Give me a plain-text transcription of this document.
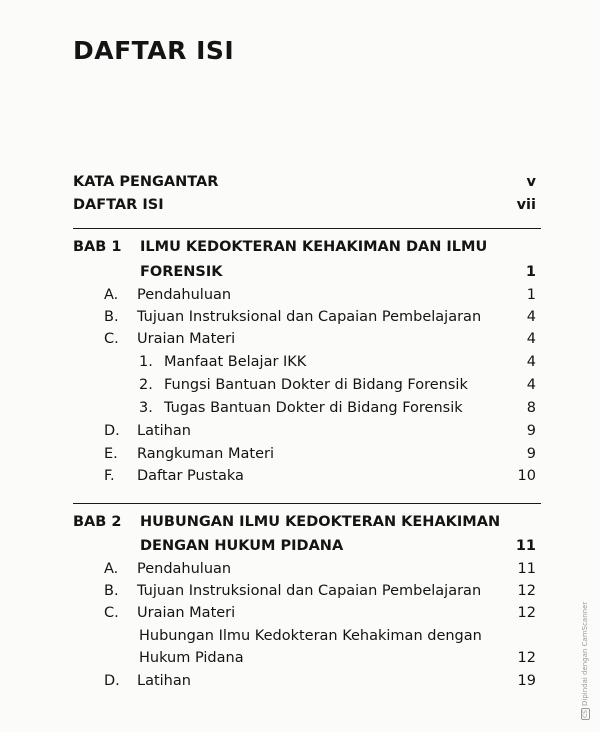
DAFTAR ISI
KATA PENGANTAR	v
DAFTAR ISI	vii
BAB 1 ILMU KEDOKTERAN KEHAKIMAN DAN ILMU
FORENSIK	1
A. Pendahuluan	1
B. Tujuan Instruksional dan Capaian Pembelajaran	4
C. Uraian Materi	4
1. Manfaat Belajar IKK	4
2. Fungsi Bantuan Dokter di Bidang Forensik	4
3. Tugas Bantuan Dokter di Bidang Forensik	8
D. Latihan	9
E. Rangkuman Materi	9
F. Daftar Pustaka	10
BAB 2 HUBUNGAN ILMU KEDOKTERAN KEHAKIMAN
DENGAN HUKUM PIDANA	11
A. Pendahuluan	11
B. Tujuan Instruksional dan Capaian Pembelajaran	12
C. Uraian Materi	12
Hubungan Ilmu Kedokteran Kehakiman dengan
Hukum Pidana	12
D. Latihan	19
CSDipindai dengan CamScanner
